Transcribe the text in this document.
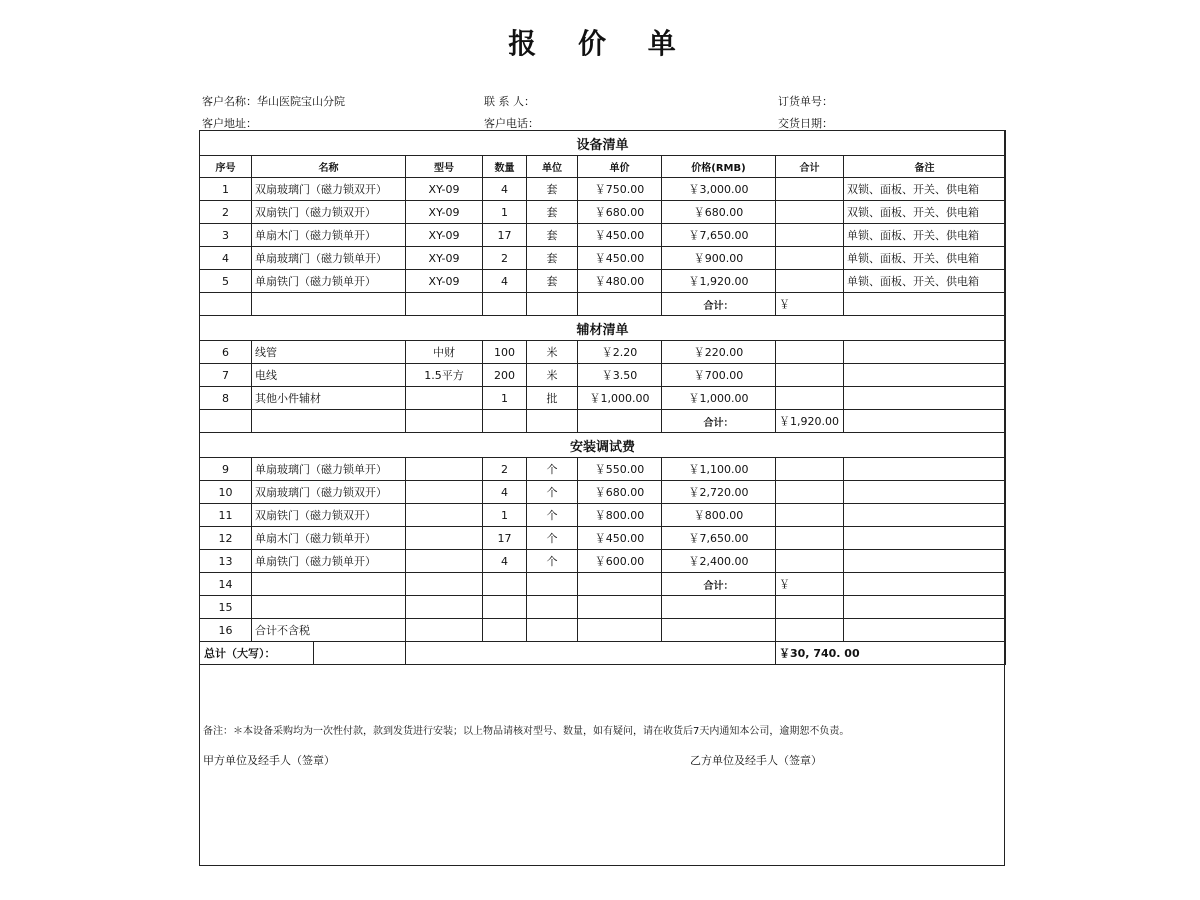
报 价 单
客户名称：华山医院宝山分院	联 系 人：	订货单号：
客户地址：	客户电话：	交货日期：
设备清单								
序号	名称	型号	数量	单位	单价	价格(RMB)	合计	备注
1	双扇玻璃门（磁力锁双开）	XY-09	4	套	￥750.00	￥3,000.00		双锁、面板、开关、供电箱
2	双扇铁门（磁力锁双开）	XY-09	1	套	￥680.00	￥680.00		双锁、面板、开关、供电箱
3	单扇木门（磁力锁单开）	XY-09	17	套	￥450.00	￥7,650.00		单锁、面板、开关、供电箱
4	单扇玻璃门（磁力锁单开）	XY-09	2	套	￥450.00	￥900.00		单锁、面板、开关、供电箱
5	单扇铁门（磁力锁单开）	XY-09	4	套	￥480.00	￥1,920.00		单锁、面板、开关、供电箱
						合计：	￥	
辅材清单								
6	线管	中财	100	米	￥2.20	￥220.00		
7	电线	1.5平方	200	米	￥3.50	￥700.00		
8	其他小件辅材		1	批	￥1,000.00	￥1,000.00		
						合计：	￥1,920.00	
安装调试费								
9	单扇玻璃门（磁力锁单开）		2	个	￥550.00	￥1,100.00		
10	双扇玻璃门（磁力锁双开）		4	个	￥680.00	￥2,720.00		
11	双扇铁门（磁力锁双开）		1	个	￥800.00	￥800.00		
12	单扇木门（磁力锁单开）		17	个	￥450.00	￥7,650.00		
13	单扇铁门（磁力锁单开）		4	个	￥600.00	￥2,400.00		
14						合计：	￥	
15								
16	合计不含税							

总计（大写）：							￥30, 740. 00	
备注：＊本设备采购均为一次性付款，款到发货进行安装；以上物品请核对型号、数量，如有疑问，请在收货后7天内通知本公司，逾期恕不负责。
甲方单位及经手人（签章）	乙方单位及经手人（签章）
